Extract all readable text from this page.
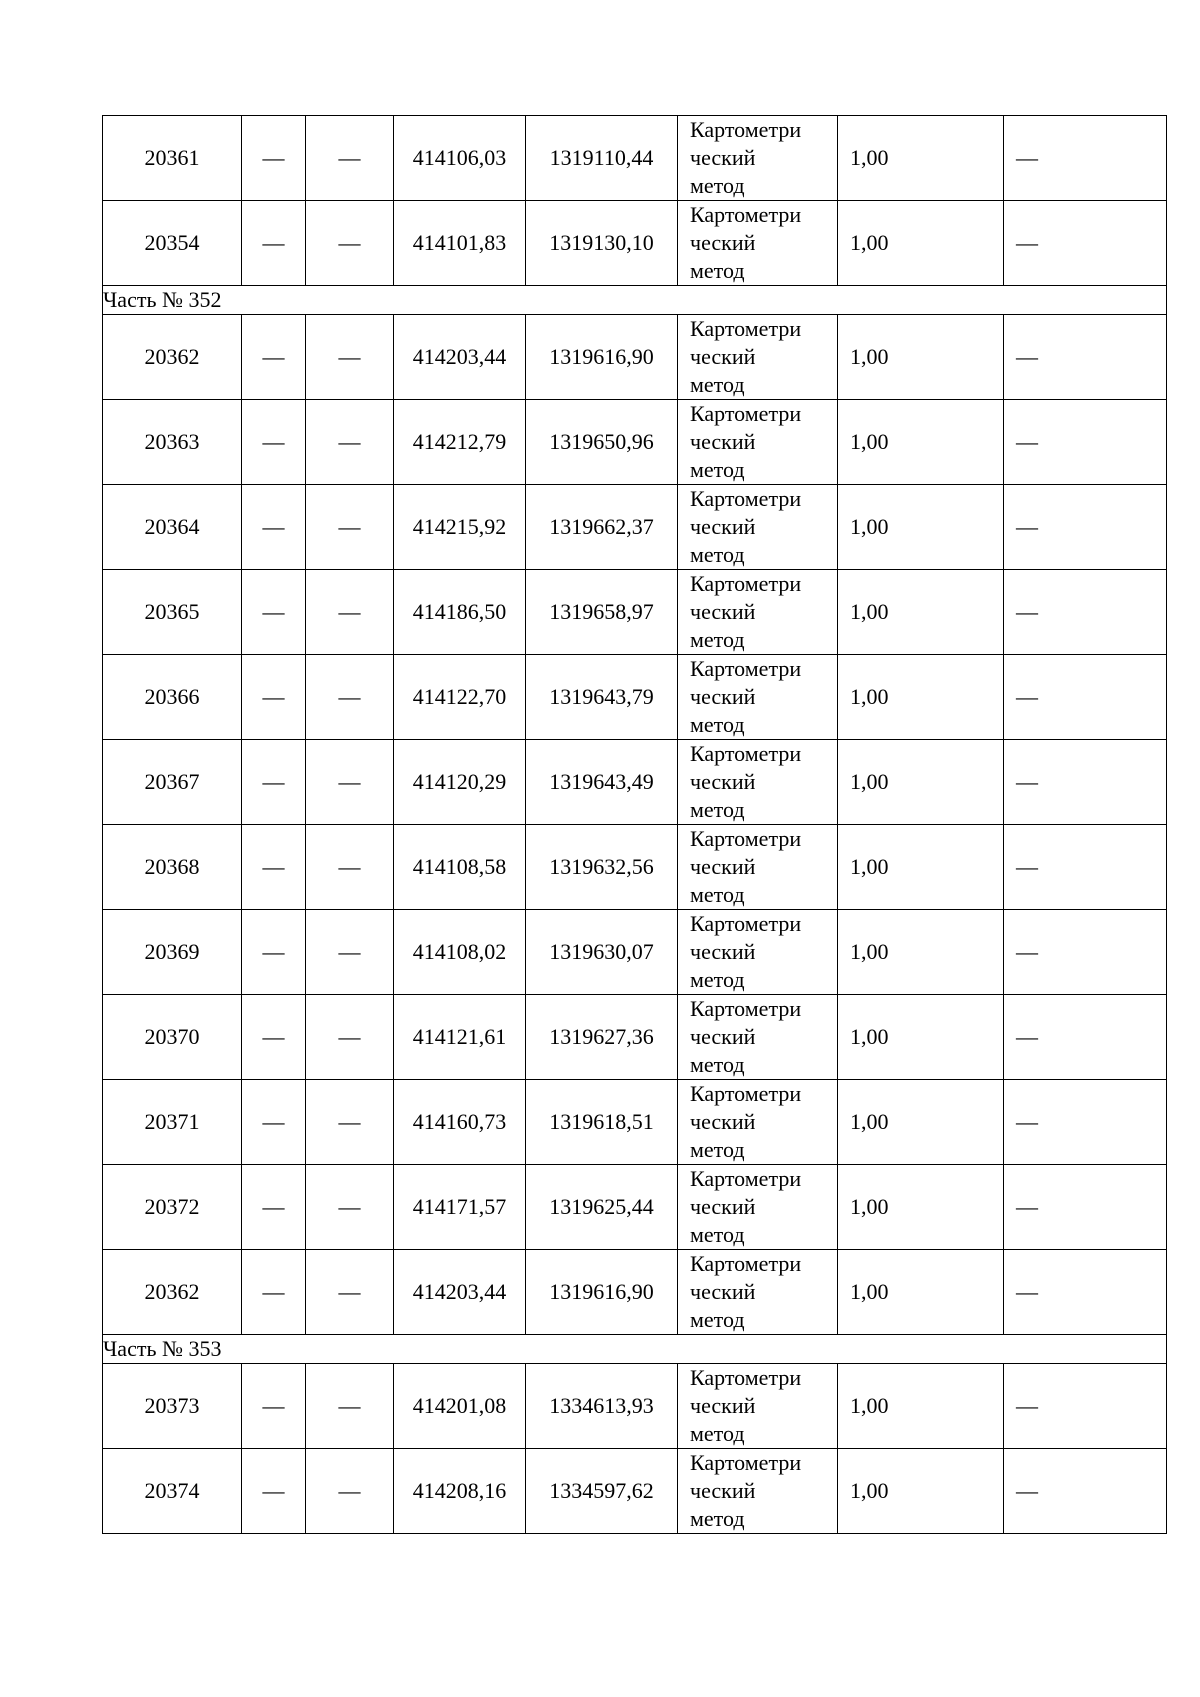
20361	—	—	414106,03	1319110,44	Картометри
ческий
метод	1,00	—
20354	—	—	414101,83	1319130,10	Картометри
ческий
метод	1,00	—
Часть № 352							
20362	—	—	414203,44	1319616,90	Картометри
ческий
метод	1,00	—
20363	—	—	414212,79	1319650,96	Картометри
ческий
метод	1,00	—
20364	—	—	414215,92	1319662,37	Картометри
ческий
метод	1,00	—
20365	—	—	414186,50	1319658,97	Картометри
ческий
метод	1,00	—
20366	—	—	414122,70	1319643,79	Картометри
ческий
метод	1,00	—
20367	—	—	414120,29	1319643,49	Картометри
ческий
метод	1,00	—
20368	—	—	414108,58	1319632,56	Картометри
ческий
метод	1,00	—
20369	—	—	414108,02	1319630,07	Картометри
ческий
метод	1,00	—
20370	—	—	414121,61	1319627,36	Картометри
ческий
метод	1,00	—
20371	—	—	414160,73	1319618,51	Картометри
ческий
метод	1,00	—
20372	—	—	414171,57	1319625,44	Картометри
ческий
метод	1,00	—
20362	—	—	414203,44	1319616,90	Картометри
ческий
метод	1,00	—
Часть № 353							
20373	—	—	414201,08	1334613,93	Картометри
ческий
метод	1,00	—
20374	—	—	414208,16	1334597,62	Картометри
ческий
метод	1,00	—
